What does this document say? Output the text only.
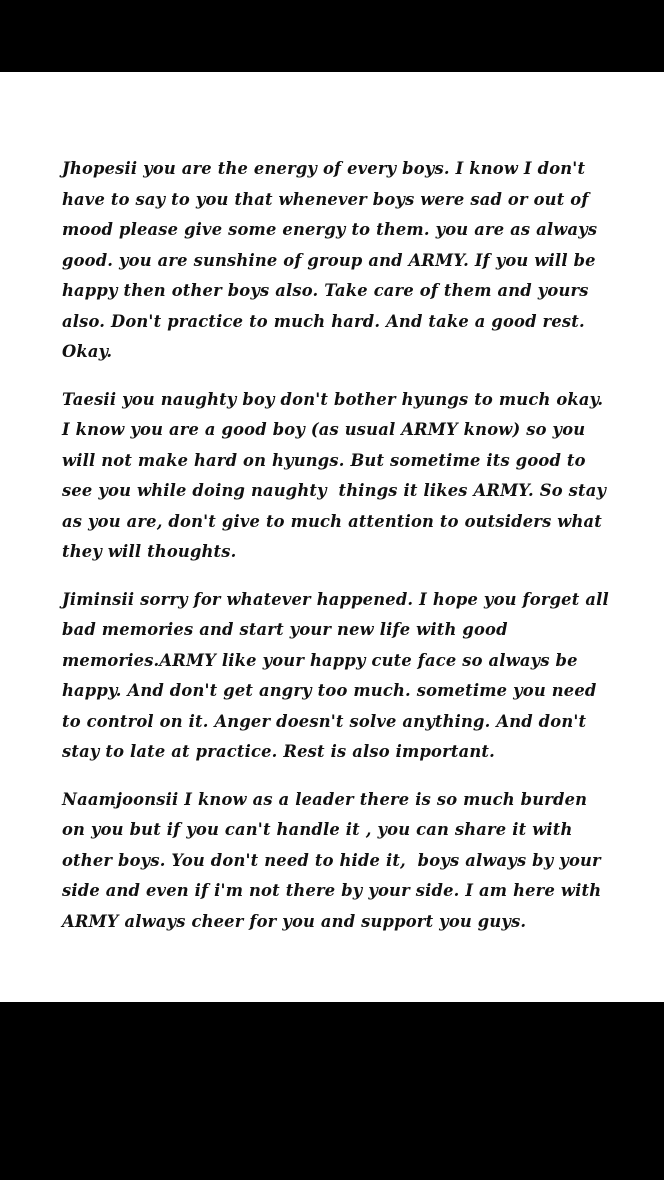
Jhopesii you are the energy of every boys. I know I don't have to say to you that whenever boys were sad or out of mood please give some energy to them. you are as always good. you are sunshine of group and ARMY. If you will be happy then other boys also. Take care of them and yours also. Don't practice to much hard. And take a good rest. Okay.

Taesii you naughty boy don't bother hyungs to much okay. I know you are a good boy (as usual ARMY know) so you will not make hard on hyungs. But sometime its good to see you while doing naughty  things it likes ARMY. So stay as you are, don't give to much attention to outsiders what they will thoughts.

Jiminsii sorry for whatever happened. I hope you forget all bad memories and start your new life with good memories.ARMY like your happy cute face so always be happy. And don't get angry too much. sometime you need to control on it. Anger doesn't solve anything. And don't stay to late at practice. Rest is also important.

Naamjoonsii I know as a leader there is so much burden on you but if you can't handle it , you can share it with other boys. You don't need to hide it,  boys always by your side and even if i'm not there by your side. I am here with ARMY always cheer for you and support you guys.
